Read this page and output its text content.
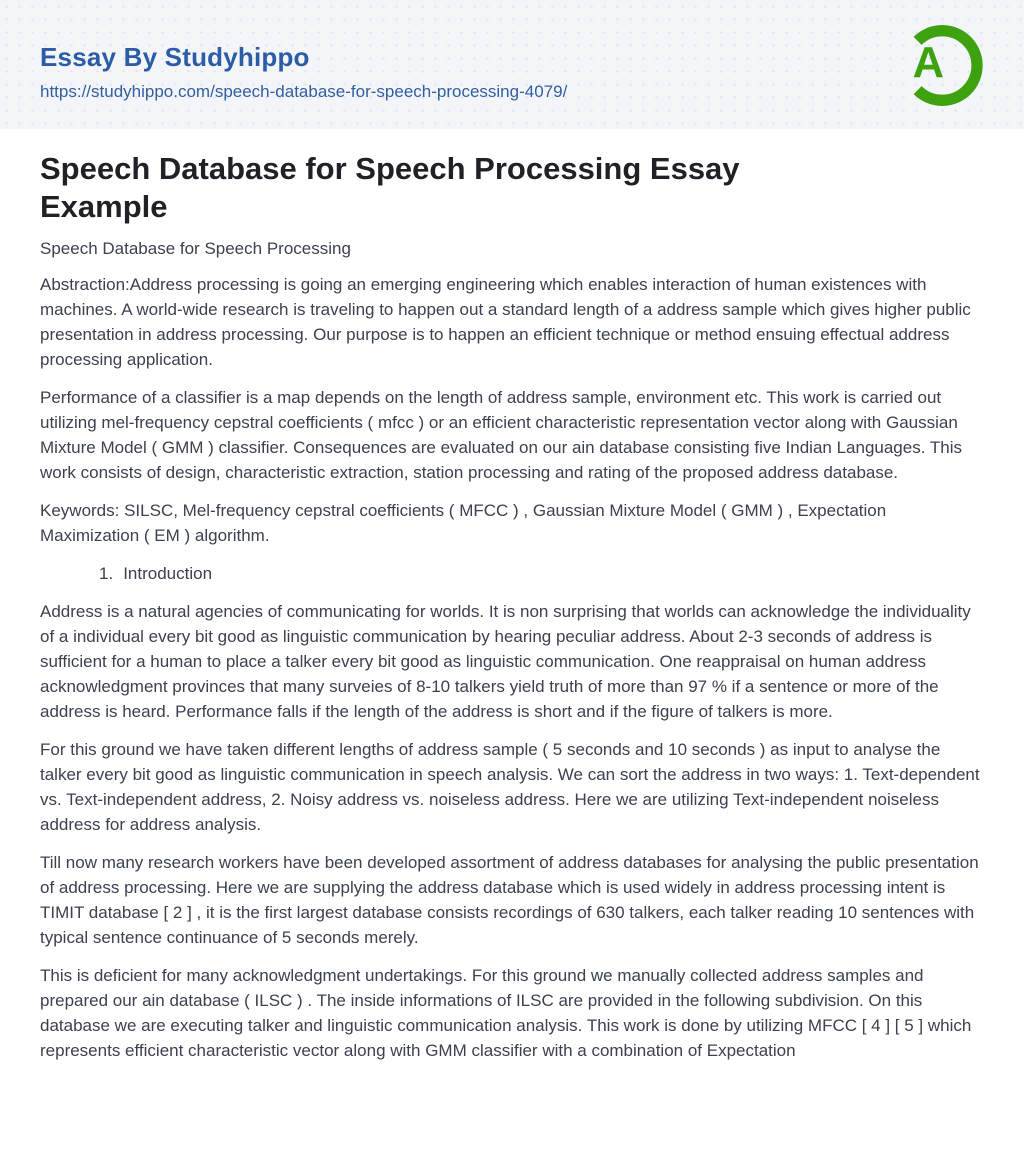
Essay By Studyhippo
https://studyhippo.com/speech-database-for-speech-processing-4079/
A
Speech Database for Speech Processing Essay Example

Speech Database for Speech Processing

Abstraction:Address processing is going an emerging engineering which enables interaction of human existences with machines. A world-wide research is traveling to happen out a standard length of a address sample which gives higher public presentation in address processing. Our purpose is to happen an efficient technique or method ensuing effectual address processing application.

Performance of a classifier is a map depends on the length of address sample, environment etc. This work is carried out utilizing mel-frequency cepstral coefficients ( mfcc ) or an efficient characteristic representation vector along with Gaussian Mixture Model ( GMM ) classifier. Consequences are evaluated on our ain database consisting five Indian Languages. This work consists of design, characteristic extraction, station processing and rating of the proposed address database.

Keywords: SILSC, Mel-frequency cepstral coefficients ( MFCC ) , Gaussian Mixture Model ( GMM ) , Expectation Maximization ( EM ) algorithm.

1. Introduction

Address is a natural agencies of communicating for worlds. It is non surprising that worlds can acknowledge the individuality of a individual every bit good as linguistic communication by hearing peculiar address. About 2-3 seconds of address is sufficient for a human to place a talker every bit good as linguistic communication. One reappraisal on human address acknowledgment provinces that many surveies of 8-10 talkers yield truth of more than 97 % if a sentence or more of the address is heard. Performance falls if the length of the address is short and if the figure of talkers is more.

For this ground we have taken different lengths of address sample ( 5 seconds and 10 seconds ) as input to analyse the talker every bit good as linguistic communication in speech analysis. We can sort the address in two ways: 1. Text-dependent vs. Text-independent address, 2. Noisy address vs. noiseless address. Here we are utilizing Text-independent noiseless address for address analysis.

Till now many research workers have been developed assortment of address databases for analysing the public presentation of address processing. Here we are supplying the address database which is used widely in address processing intent is TIMIT database [ 2 ] , it is the first largest database consists recordings of 630 talkers, each talker reading 10 sentences with typical sentence continuance of 5 seconds merely.

This is deficient for many acknowledgment undertakings. For this ground we manually collected address samples and prepared our ain database ( ILSC ) . The inside informations of ILSC are provided in the following subdivision. On this database we are executing talker and linguistic communication analysis. This work is done by utilizing MFCC [ 4 ] [ 5 ] which represents efficient characteristic vector along with GMM classifier with a combination of Expectation
